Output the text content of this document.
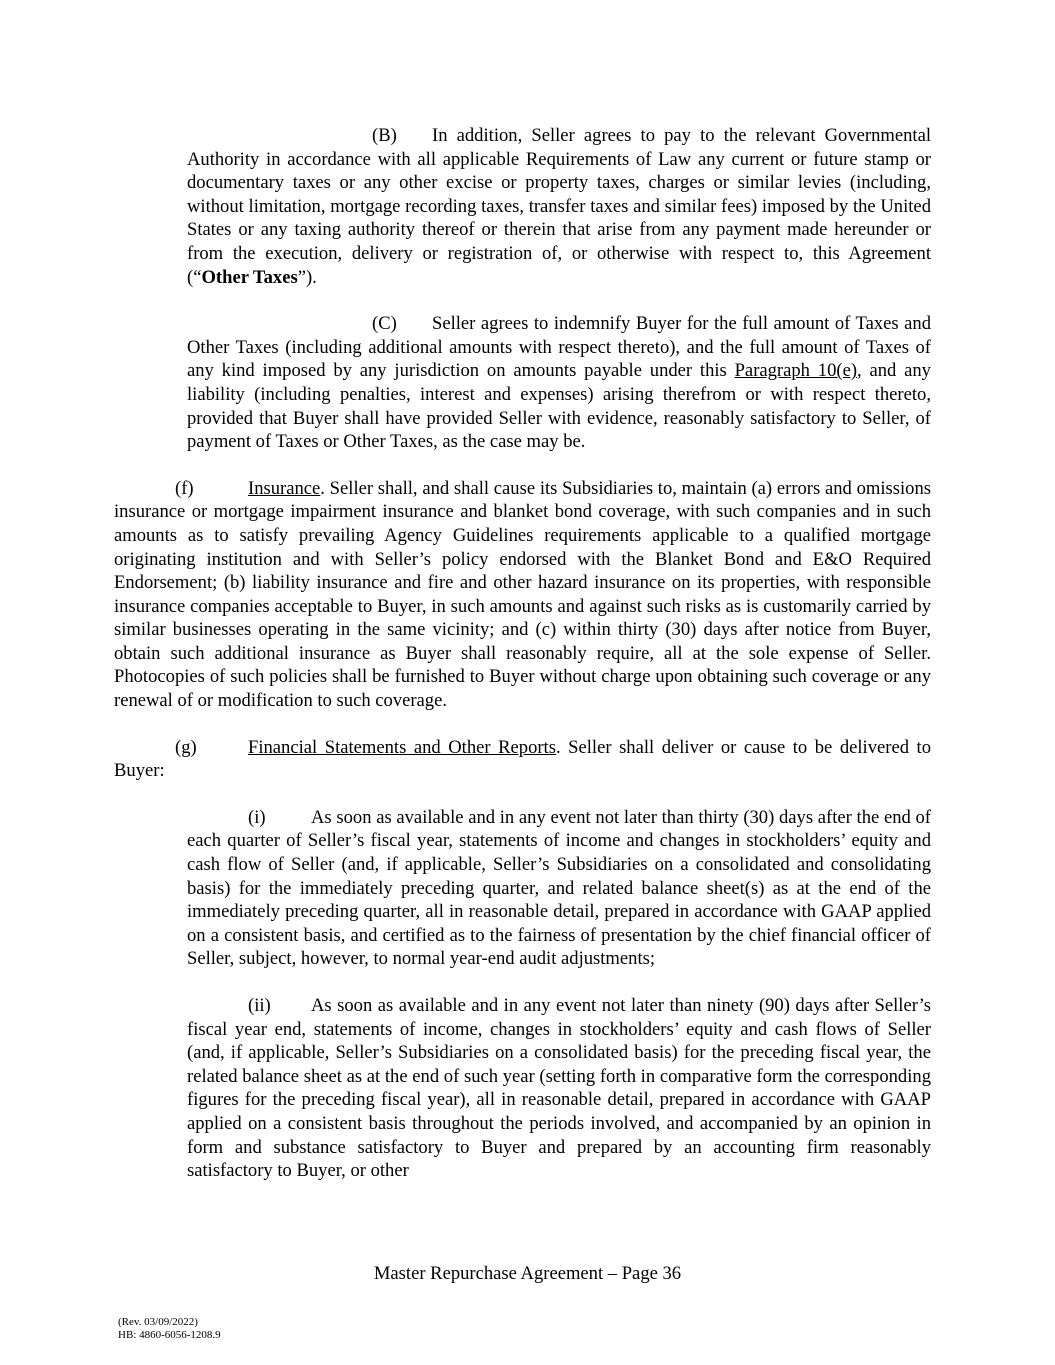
(B) In addition, Seller agrees to pay to the relevant Governmental Authority in accordance with all applicable Requirements of Law any current or future stamp or documentary taxes or any other excise or property taxes, charges or similar levies (including, without limitation, mortgage recording taxes, transfer taxes and similar fees) imposed by the United States or any taxing authority thereof or therein that arise from any payment made hereunder or from the execution, delivery or registration of, or otherwise with respect to, this Agreement (“Other Taxes”).

(C) Seller agrees to indemnify Buyer for the full amount of Taxes and Other Taxes (including additional amounts with respect thereto), and the full amount of Taxes of any kind imposed by any jurisdiction on amounts payable under this Paragraph 10(e), and any liability (including penalties, interest and expenses) arising therefrom or with respect thereto, provided that Buyer shall have provided Seller with evidence, reasonably satisfactory to Seller, of payment of Taxes or Other Taxes, as the case may be.

(f)	Insurance. Seller shall, and shall cause its Subsidiaries to, maintain (a) errors and omissions insurance or mortgage impairment insurance and blanket bond coverage, with such companies and in such amounts as to satisfy prevailing Agency Guidelines requirements applicable to a qualified mortgage originating institution and with Seller’s policy endorsed with the Blanket Bond and E&O Required Endorsement; (b) liability insurance and fire and other hazard insurance on its properties, with responsible insurance companies acceptable to Buyer, in such amounts and against such risks as is customarily carried by similar businesses operating in the same vicinity; and (c) within thirty (30) days after notice from Buyer, obtain such additional insurance as Buyer shall reasonably require, all at the sole expense of Seller. Photocopies of such policies shall be furnished to Buyer without charge upon obtaining such coverage or any renewal of or modification to such coverage.

(g)	Financial Statements and Other Reports. Seller shall deliver or cause to be delivered to Buyer:

(i) As soon as available and in any event not later than thirty (30) days after the end of each quarter of Seller’s fiscal year, statements of income and changes in stockholders’ equity and cash flow of Seller (and, if applicable, Seller’s Subsidiaries on a consolidated and consolidating basis) for the immediately preceding quarter, and related balance sheet(s) as at the end of the immediately preceding quarter, all in reasonable detail, prepared in accordance with GAAP applied on a consistent basis, and certified as to the fairness of presentation by the chief financial officer of Seller, subject, however, to normal year-end audit adjustments;

(ii) As soon as available and in any event not later than ninety (90) days after Seller’s fiscal year end, statements of income, changes in stockholders’ equity and cash flows of Seller (and, if applicable, Seller’s Subsidiaries on a consolidated basis) for the preceding fiscal year, the related balance sheet as at the end of such year (setting forth in comparative form the corresponding figures for the preceding fiscal year), all in reasonable detail, prepared in accordance with GAAP applied on a consistent basis throughout the periods involved, and accompanied by an opinion in form and substance satisfactory to Buyer and prepared by an accounting firm reasonably satisfactory to Buyer, or other

Master Repurchase Agreement – Page 36
(Rev. 03/09/2022)
HB: 4860-6056-1208.9
